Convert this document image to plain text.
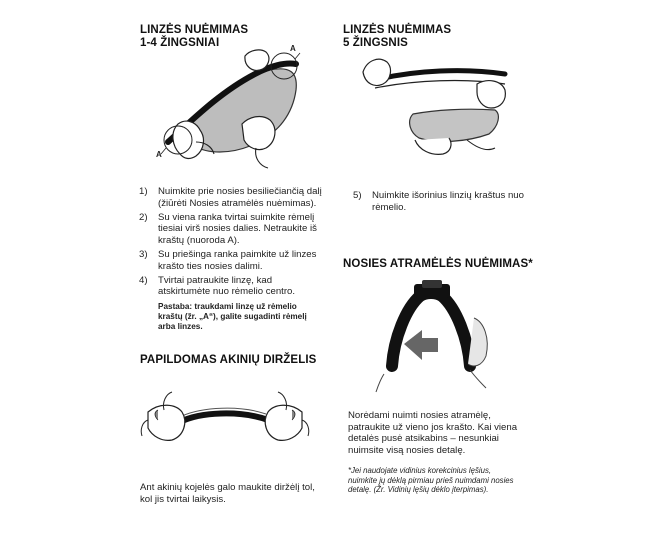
LINZĖS NUĖMIMAS
1-4 ŽINGSNIAI
A
A
1) Nuimkite prie nosies besiliečiančią dalį (žiūrėti Nosies atramėlės nuėmimas).
2) Su viena ranka tvirtai suimkite rėmelį tiesiai virš nosies dalies. Netraukite iš kraštų (nuoroda A).
3) Su priešinga ranka paimkite už linzes krašto ties nosies dalimi.
4) Tvirtai patraukite linzę, kad atskirtumėte nuo rėmelio centro.
Pastaba: traukdami linzę už rėmelio kraštų (žr. „A“), galite sugadinti rėmelį arba linzes.
PAPILDOMAS AKINIŲ DIRŽELIS
Ant akinių kojelės galo maukite diržėlį tol, kol jis tvirtai laikysis.
LINZĖS NUĖMIMAS
5 ŽINGSNIS
5) Nuimkite išorinius linzių kraštus nuo rėmelio.
NOSIES ATRAMĖLĖS NUĖMIMAS*
Norėdami nuimti nosies atramėlę, patraukite už vieno jos krašto. Kai viena detalės pusė atsikabins – nesunkiai nuimsite visą nosies detalę.
*Jei naudojate vidinius korekcinius lęšius, nuimkite jų dėklą pirmiau prieš nuimdami nosies detalę. (Žr. Vidinių lęšių dėklo įterpimas).
